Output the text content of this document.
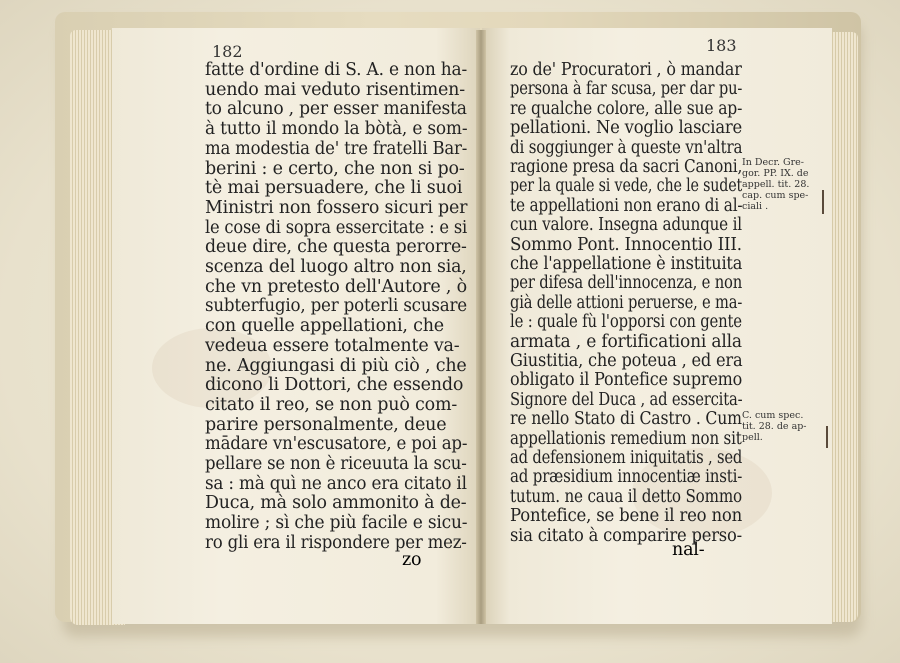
182
fatte d'ordine di S. A. e non ha-
uendo mai veduto risentimen-
to alcuno , per esser manifesta
à tutto il mondo la bòtà, e som-
ma modestia de' tre fratelli Bar-
berini : e certo, che non si po-
tè mai persuadere, che li suoi
Ministri non fossero sicuri per
le cose di sopra essercitate : e si
deue dire, che questa perorre-
scenza del luogo altro non sia,
che vn pretesto dell'Autore , ò
subterfugio, per poterli scusare
con quelle appellationi, che
vedeua essere totalmente va-
ne. Aggiungasi di più ciò , che
dicono li Dottori, che essendo
citato il reo, se non può com-
parire personalmente, deue
mādare vn'escusatore, e poi ap-
pellare se non è riceuuta la scu-
sa : mà quì ne anco era citato il
Duca, mà solo ammonito à de-
molire ; sì che più facile e sicu-
ro gli era il rispondere per mez-
zo
183
zo de' Procuratori , ò mandar
persona à far scusa, per dar pu-
re qualche colore, alle sue ap-
pellationi. Ne voglio lasciare
di soggiunger à queste vn'altra
ragione presa da sacri Canoni,
per la quale si vede, che le sudet
te appellationi non erano di al-
cun valore. Insegna adunque il
Sommo Pont. Innocentio III.
che l'appellatione è instituita
per difesa dell'innocenza, e non
già delle attioni peruerse, e ma-
le : quale fù l'opporsi con gente
armata , e fortificationi alla
Giustitia, che poteua , ed era
obligato il Pontefice supremo
Signore del Duca , ad essercita-
re nello Stato di Castro . Cum
appellationis remedium non sit
ad defensionem iniquitatis , sed
ad præsidium innocentiæ insti-
tutum. ne caua il detto Sommo
Pontefice, se bene il reo non
sia citato à comparire perso-
nal-
In Decr. Gre-
gor. PP. IX. de
appell. tit. 28.
cap. cum spe-
ciali .
C. cum spec.
tit. 28. de ap-
pell.
